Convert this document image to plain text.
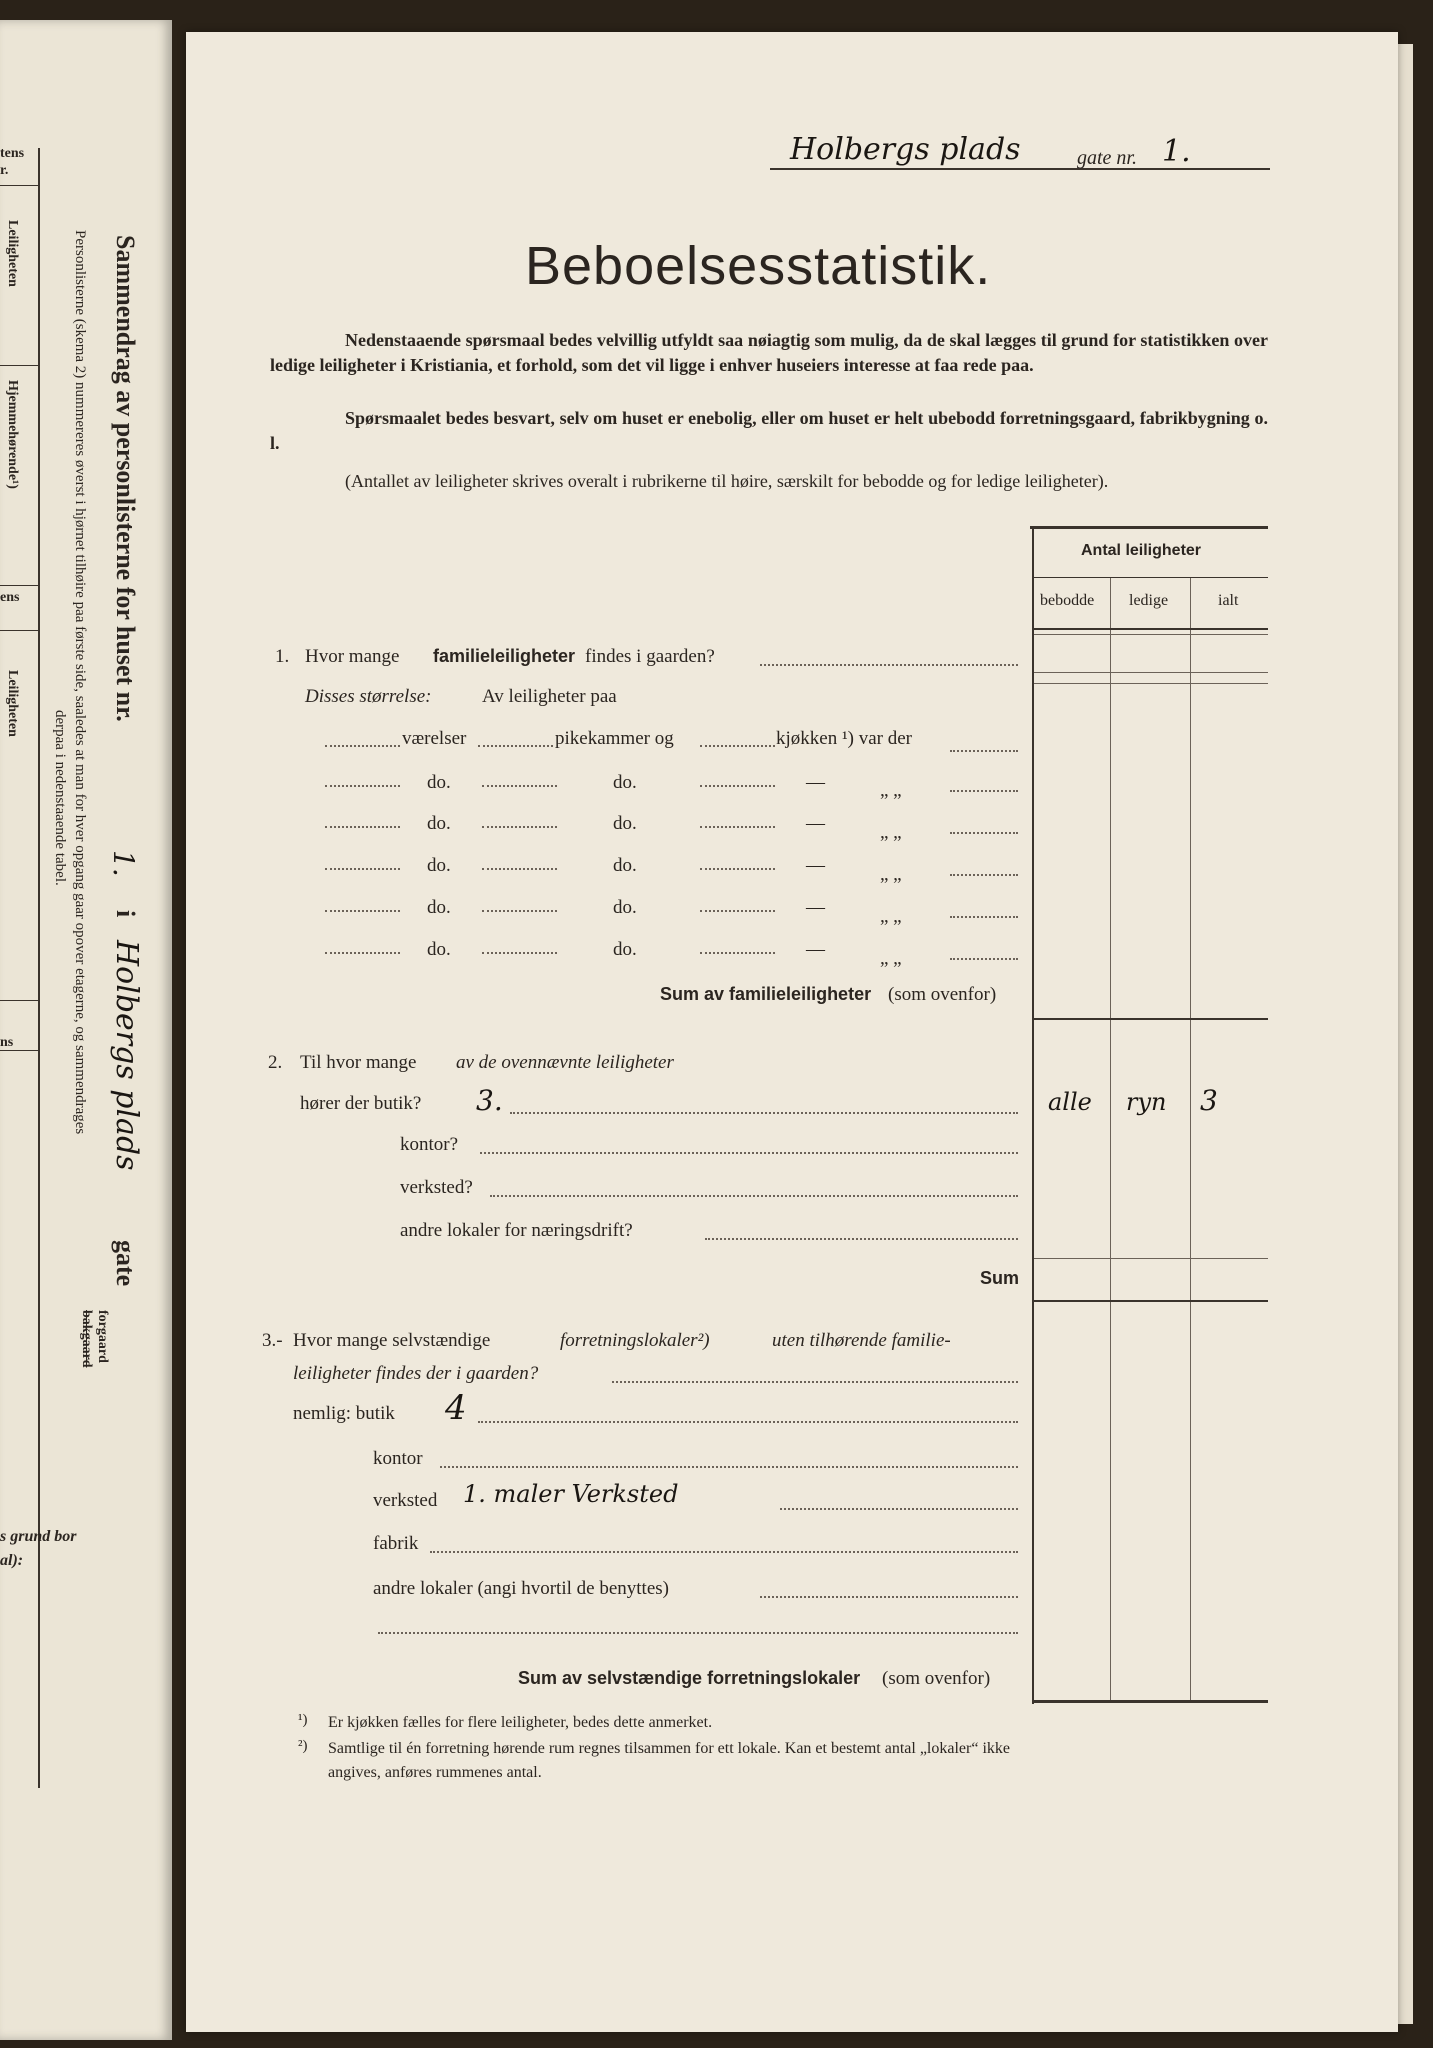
tens
r.
Leiligheten
Hjemmehørende¹)
ens
Leiligheten
ns
s grund bor
al):
Sammendrag av personlisterne for huset nr.
1.
i
Holbergs plads
gate
forgaard
bakgaard
Personlisterne (skema 2) nummereres øverst i hjørnet tilhøire paa første side, saaledes at man for hver opgang gaar opover etagerne, og sammendrages
derpaa i nedenstaaende tabel.
Holbergs plads	gate nr. 1.
Beboelsesstatistik.
Nedenstaaende spørsmaal bedes velvillig utfyldt saa nøiagtig som mulig, da de skal lægges til grund for statistikken over ledige leiligheter i Kristiania, et forhold, som det vil ligge i enhver huseiers interesse at faa rede paa.
Spørsmaalet bedes besvart, selv om huset er enebolig, eller om huset er helt ubebodd forretningsgaard, fabrikbygning o. l.
(Antallet av leiligheter skrives overalt i rubrikerne til høire, særskilt for bebodde og for ledige leiligheter).
Antal leiligheter
bebodde ledige	ialt
1. Hvor mange familieleiligheter findes i gaarden?
Disses størrelse:	Av leiligheter paa
værelser	pikekammer og	kjøkken ¹) var der
do.	do.	—	„ „
do.	do.	—	„ „
do.	do.	—	„ „
do.	do.	—	„ „
do.	do.	—	„ „
Sum av familieleiligheter (som ovenfor)
2. Til hvor mange av de ovennævnte leiligheter
hører der butik? 3.	alle ryn 3
kontor?
verksted?
andre lokaler for næringsdrift?
Sum
3.- Hvor mange selvstændige	forretningslokaler²)	uten tilhørende familie-
leiligheter findes der i gaarden?
nemlig: butik 4
kontor
verksted 1. maler Verksted
fabrik
andre lokaler (angi hvortil de benyttes)
Sum av selvstændige forretningslokaler (som ovenfor)
¹) Er kjøkken fælles for flere leiligheter, bedes dette anmerket.
²) Samtlige til én forretning hørende rum regnes tilsammen for ett lokale. Kan et bestemt antal „lokaler“ ikke
angives, anføres rummenes antal.
